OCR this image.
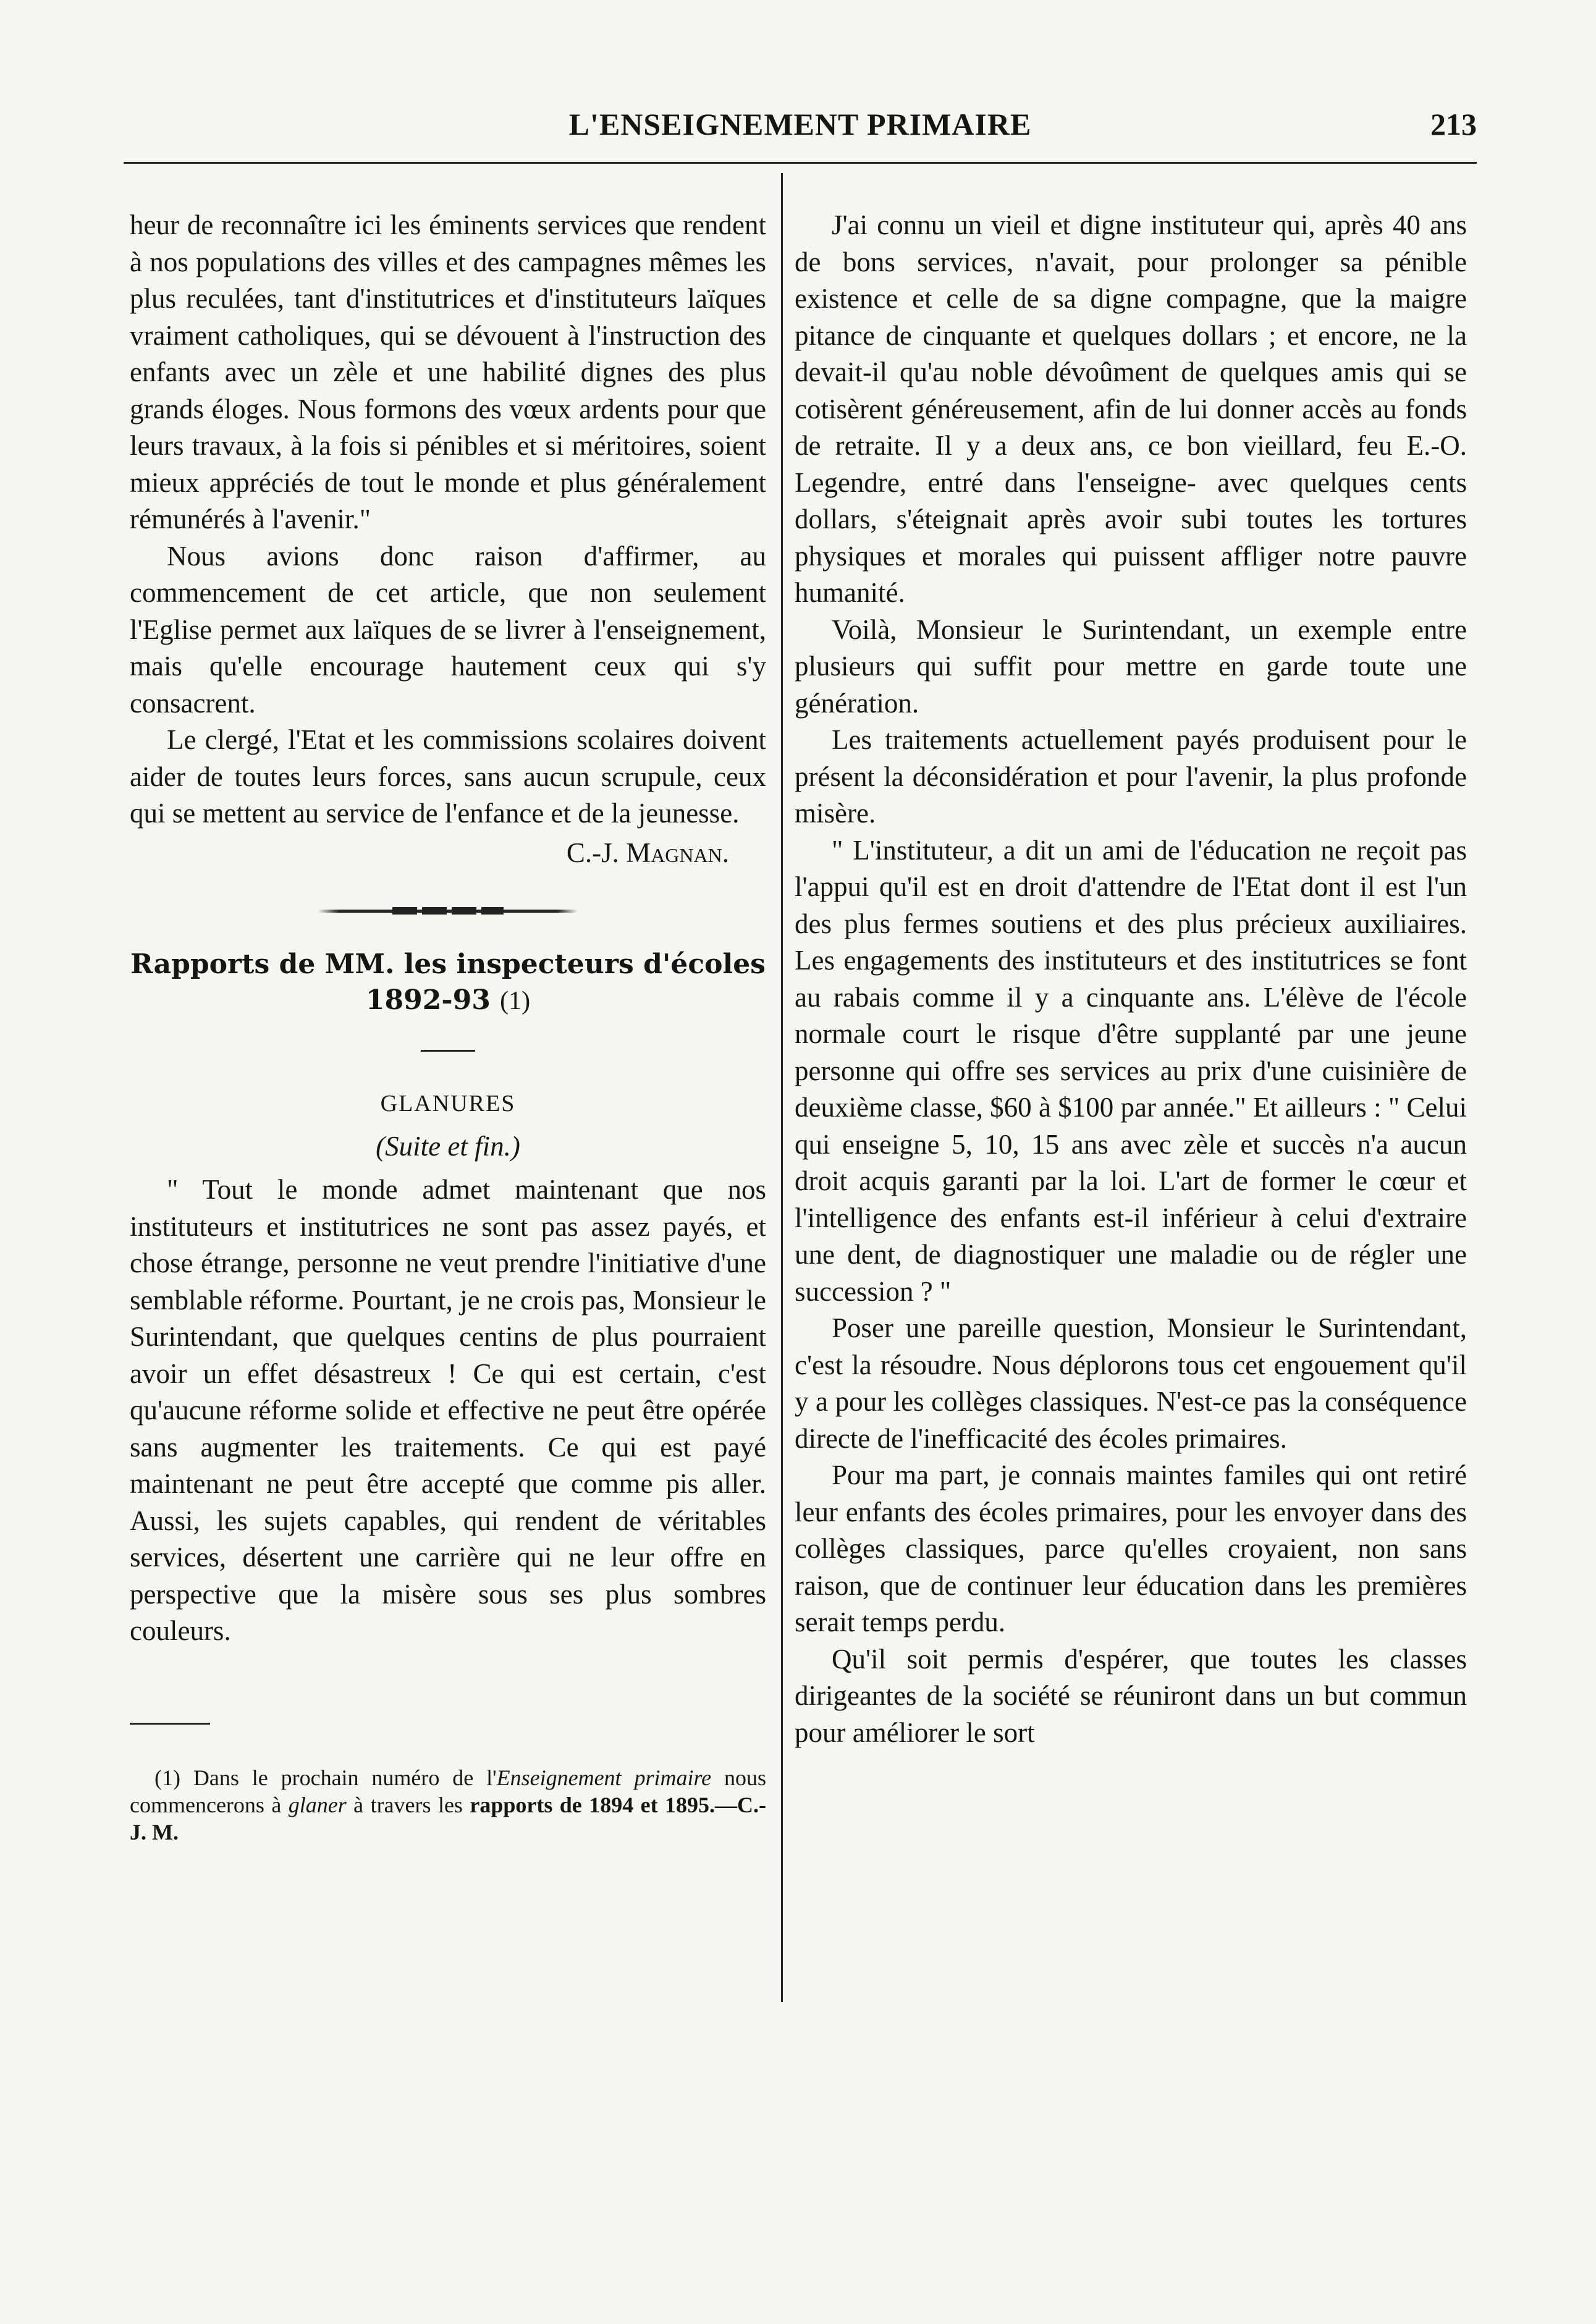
L'ENSEIGNEMENT PRIMAIRE	213

heur de reconnaître ici les éminents services que rendent à nos populations des villes et des campagnes mêmes les plus reculées, tant d'institutrices et d'instituteurs laïques vraiment catholiques, qui se dévouent à l'instruction des enfants avec un zèle et une habilité dignes des plus grands éloges. Nous formons des vœux ardents pour que leurs travaux, à la fois si pénibles et si méritoires, soient mieux appréciés de tout le monde et plus généralement rémunérés à l'avenir."

Nous avions donc raison d'affirmer, au commencement de cet article, que non seulement l'Eglise permet aux laïques de se livrer à l'enseignement, mais qu'elle encourage hautement ceux qui s'y consacrent.

Le clergé, l'Etat et les commissions scolaires doivent aider de toutes leurs forces, sans aucun scrupule, ceux qui se mettent au service de l'enfance et de la jeunesse.

C.-J. Magnan.

Rapports de MM. les inspecteurs d'écoles 1892-93 (1)
GLANURES
(Suite et fin.)

" Tout le monde admet maintenant que nos instituteurs et institutrices ne sont pas assez payés, et chose étrange, personne ne veut prendre l'initiative d'une semblable réforme. Pourtant, je ne crois pas, Monsieur le Surintendant, que quelques centins de plus pourraient avoir un effet désastreux ! Ce qui est certain, c'est qu'aucune réforme solide et effective ne peut être opérée sans augmenter les traitements. Ce qui est payé maintenant ne peut être accepté que comme pis aller. Aussi, les sujets capables, qui rendent de véritables services, désertent une carrière qui ne leur offre en perspective que la misère sous ses plus sombres couleurs.

(1) Dans le prochain numéro de l'Enseignement primaire nous commencerons à glaner à travers les rapports de 1894 et 1895.—C.-J. M.

J'ai connu un vieil et digne instituteur qui, après 40 ans de bons services, n'avait, pour prolonger sa pénible existence et celle de sa digne compagne, que la maigre pitance de cinquante et quelques dollars ; et encore, ne la devait-il qu'au noble dévoûment de quelques amis qui se cotisèrent généreusement, afin de lui donner accès au fonds de retraite. Il y a deux ans, ce bon vieillard, feu E.-O. Legendre, entré dans l'enseigne- avec quelques cents dollars, s'éteignait après avoir subi toutes les tortures physiques et morales qui puissent affliger notre pauvre humanité.

Voilà, Monsieur le Surintendant, un exemple entre plusieurs qui suffit pour mettre en garde toute une génération.

Les traitements actuellement payés produisent pour le présent la déconsidération et pour l'avenir, la plus profonde misère.

" L'instituteur, a dit un ami de l'éducation ne reçoit pas l'appui qu'il est en droit d'attendre de l'Etat dont il est l'un des plus fermes soutiens et des plus précieux auxiliaires. Les engagements des instituteurs et des institutrices se font au rabais comme il y a cinquante ans. L'élève de l'école normale court le risque d'être supplanté par une jeune personne qui offre ses services au prix d'une cuisinière de deuxième classe, $60 à $100 par année." Et ailleurs : " Celui qui enseigne 5, 10, 15 ans avec zèle et succès n'a aucun droit acquis garanti par la loi. L'art de former le cœur et l'intelligence des enfants est-il inférieur à celui d'extraire une dent, de diagnostiquer une maladie ou de régler une succession ? "

Poser une pareille question, Monsieur le Surintendant, c'est la résoudre. Nous déplorons tous cet engouement qu'il y a pour les collèges classiques. N'est-ce pas la conséquence directe de l'inefficacité des écoles primaires.

Pour ma part, je connais maintes familes qui ont retiré leur enfants des écoles primaires, pour les envoyer dans des collèges classiques, parce qu'elles croyaient, non sans raison, que de continuer leur éducation dans les premières serait temps perdu.

Qu'il soit permis d'espérer, que toutes les classes dirigeantes de la société se réuniront dans un but commun pour améliorer le sort
